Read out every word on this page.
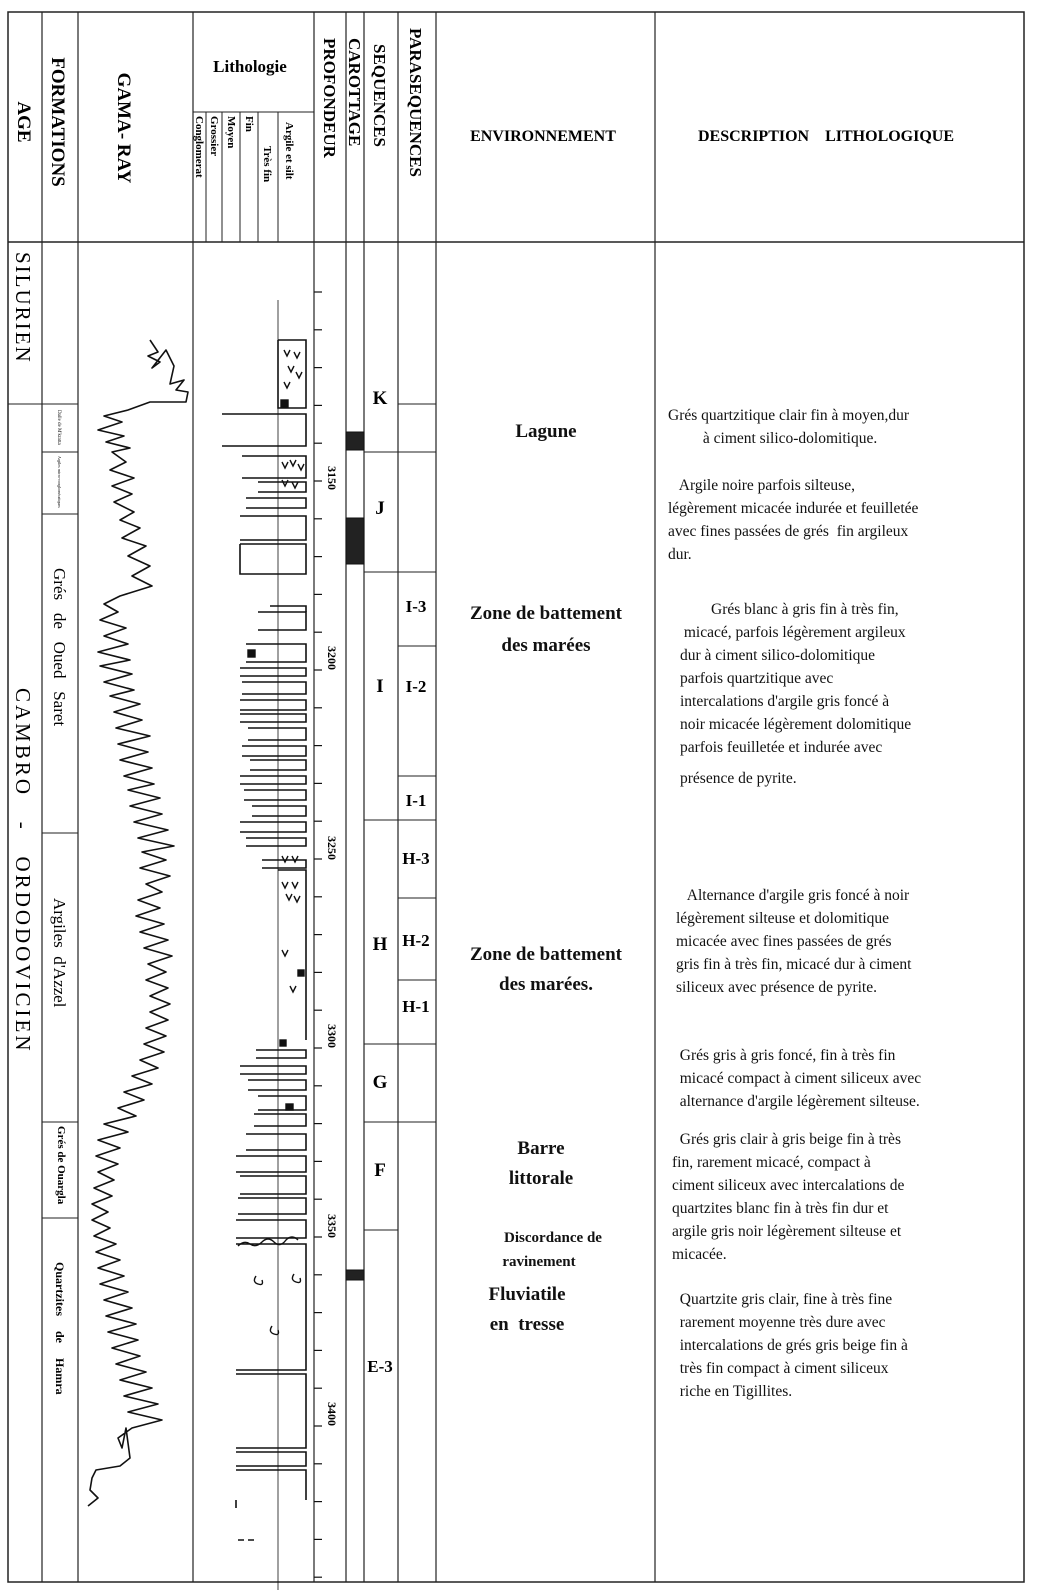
AGE FORMATIONS GAMA- RAY
Lithologie
Conglomerat Grossier Moyen Fin
Très fin Argile et silt PROFONDEUR CAROTTAGE SEQUENCES PARASEQUENCES	ENVIRONNEMENT	DESCRIPTION    LITHOLOGIQUE
SILURIEN
CAMBRO   -   ORDODOVICIEN
Dalle de M'kratta
Argiles micro-conglomératiques
Grés   de   Oued   Saret
Argiles  d'Azzel
Grés de Ouargla
Quartzites     de     Hamra
3150
3200
3250
3300
3350
3400
K
J
I
H
G
F
E-3
I-3
I-2
I-1
H-3
H-2
H-1
Lagune
Zone de battement
des marées
Zone de battement
des marées.
Barre
littorale
Discordance de
ravinement
Fluviatile
en  tresse
Grés quartzitique clair fin à moyen,dur
à ciment silico-dolomitique.
Argile noire parfois silteuse,
légèrement micacée indurée et feuilletée
avec fines passées de grés  fin argileux
dur.
Grés blanc à gris fin à très fin,
micacé, parfois légèrement argileux
dur à ciment silico-dolomitique
parfois quartzitique avec
intercalations d'argile gris foncé à
noir micacée légèrement dolomitique
parfois feuilletée et indurée avec
présence de pyrite.
Alternance d'argile gris foncé à noir
légèrement silteuse et dolomitique
micacée avec fines passées de grés
gris fin à très fin, micacé dur à ciment
siliceux avec présence de pyrite.
Grés gris à gris foncé, fin à très fin
micacé compact à ciment siliceux avec
alternance d'argile légèrement silteuse.
Grés gris clair à gris beige fin à très
fin, rarement micacé, compact à
ciment siliceux avec intercalations de
quartzites blanc fin à très fin dur et
argile gris noir légèrement silteuse et
micacée.
Quartzite gris clair, fine à très fine
rarement moyenne très dure avec
intercalations de grés gris beige fin à
très fin compact à ciment siliceux
riche en Tigillites.
